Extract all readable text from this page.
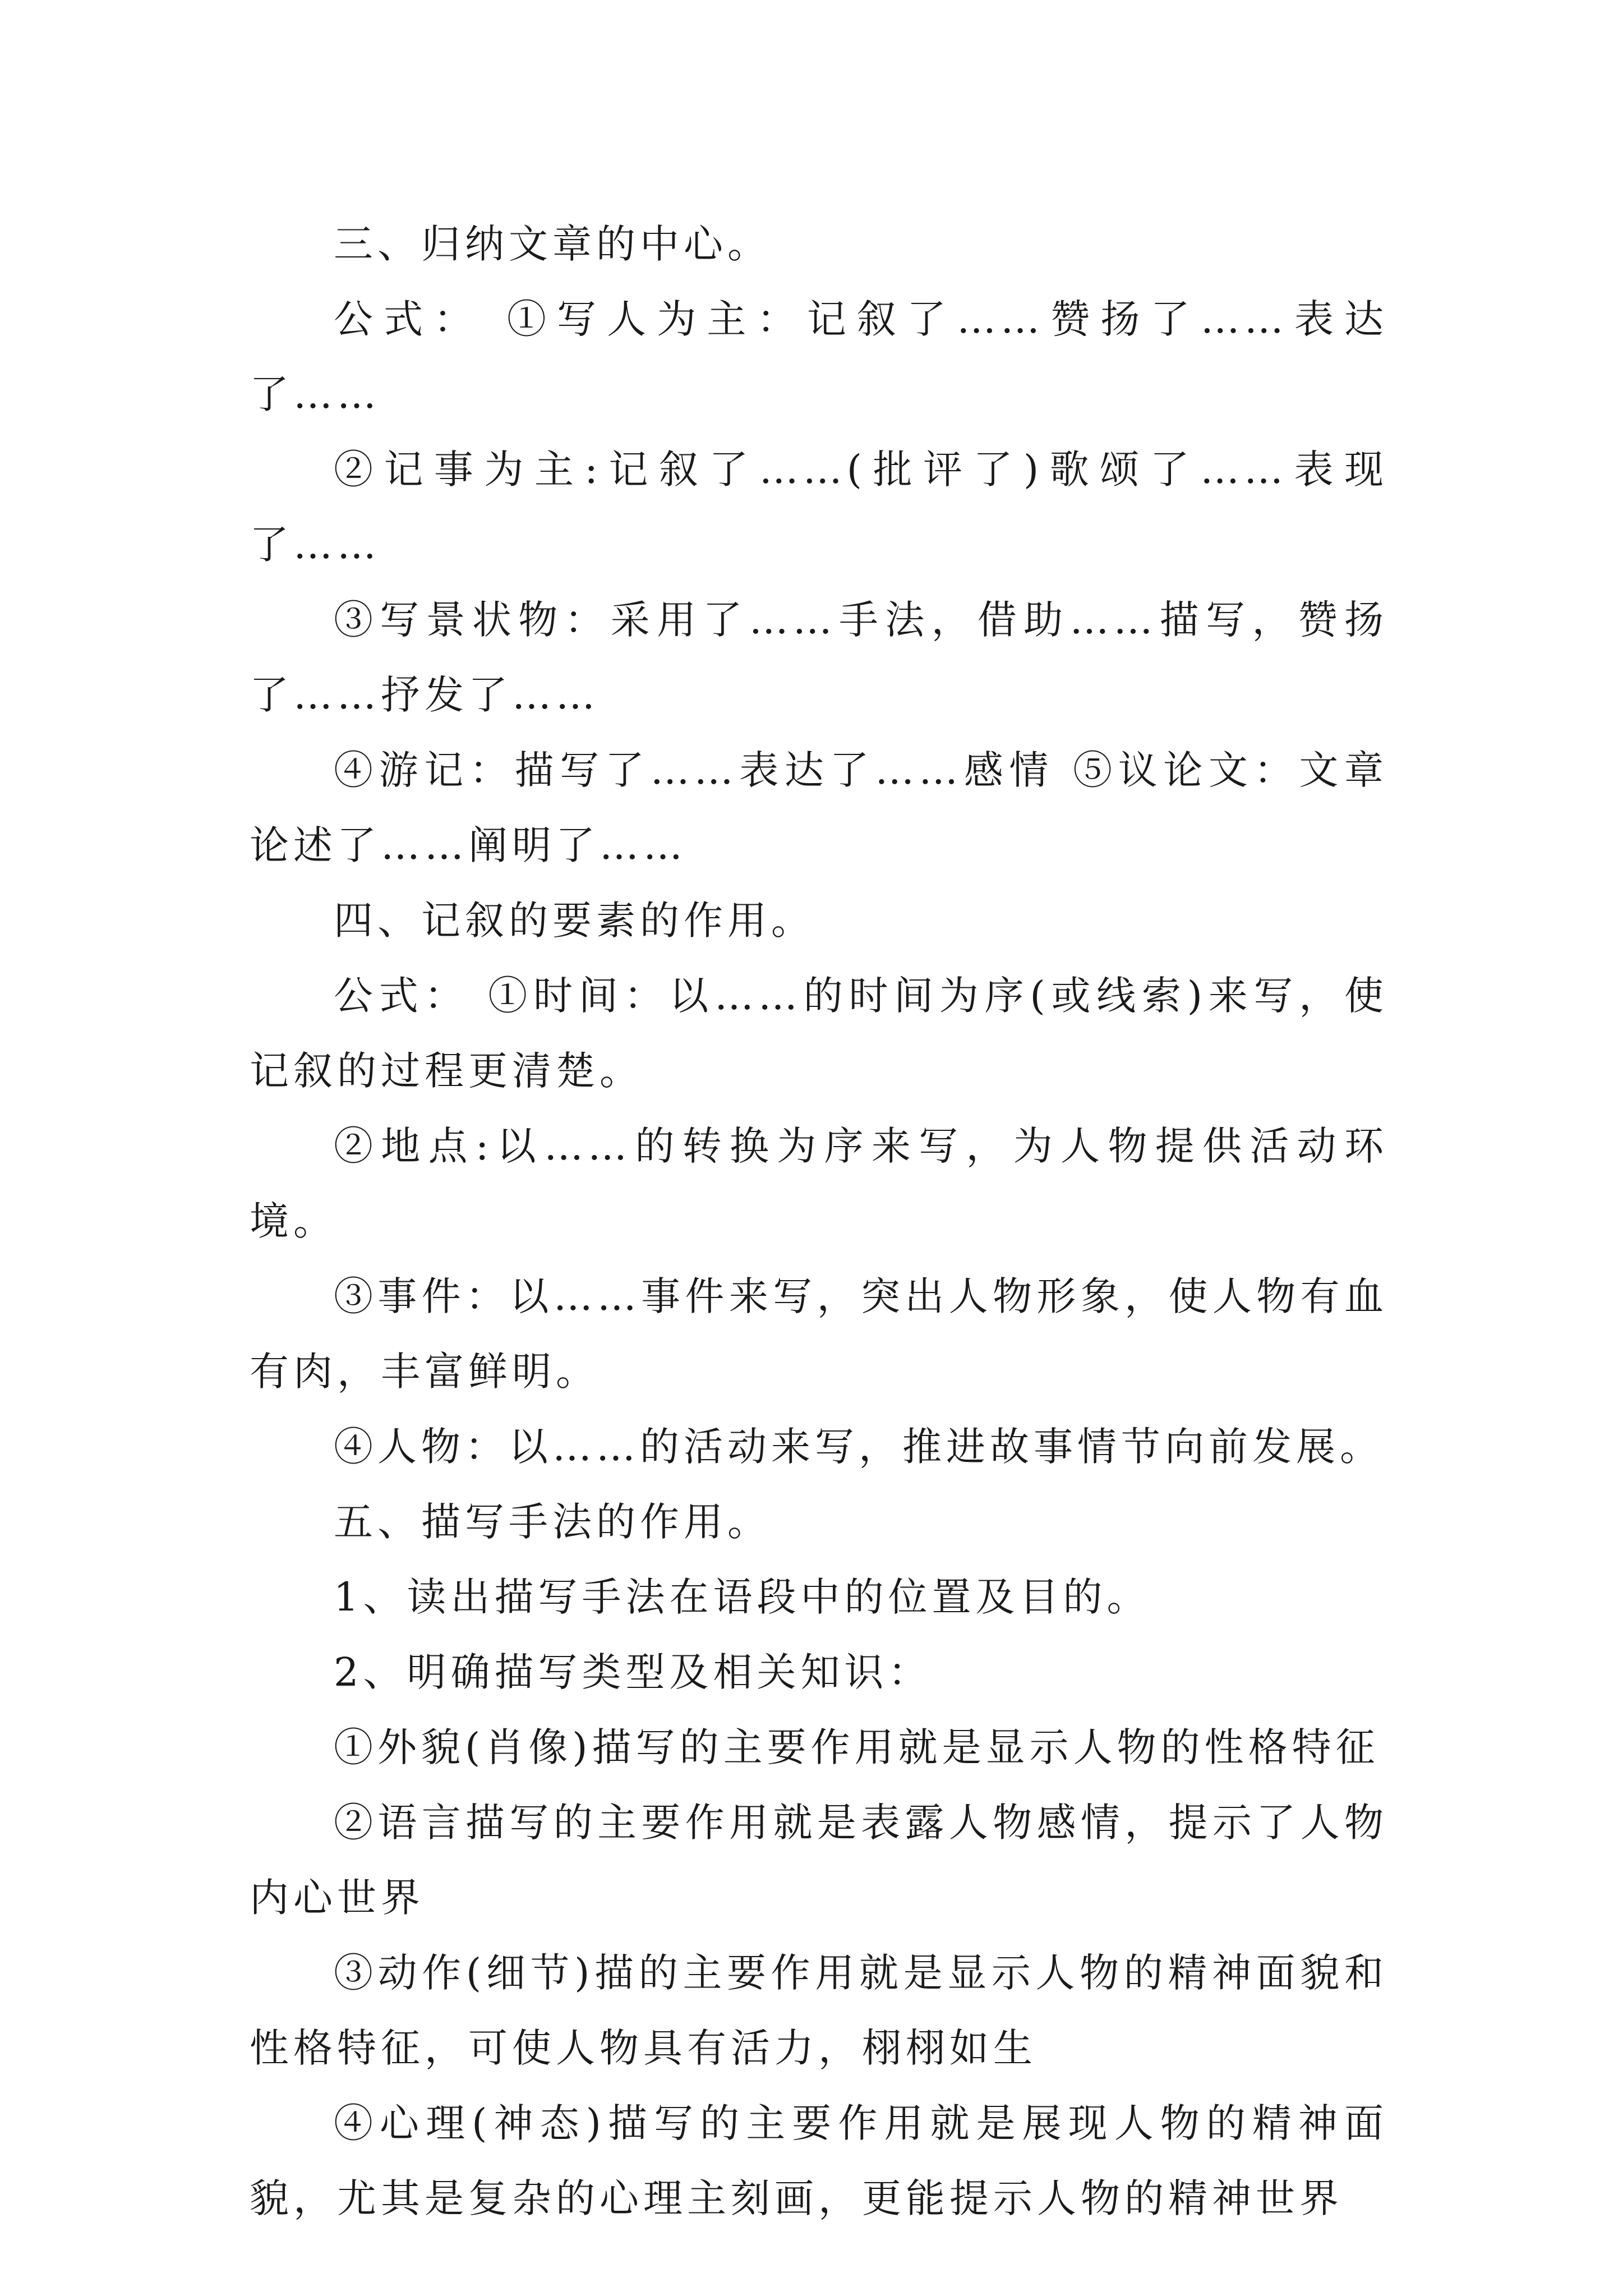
三、归纳文章的中心。

公式： ①写人为主：记叙了……赞扬了……表达了……

②记事为主:记叙了……(批评了)歌颂了……表现了……

③写景状物：采用了……手法，借助……描写，赞扬了……抒发了……

④游记：描写了……表达了……感情 ⑤议论文：文章论述了……阐明了……

四、记叙的要素的作用。

公式： ①时间：以……的时间为序(或线索)来写，使记叙的过程更清楚。

②地点:以……的转换为序来写，为人物提供活动环境。

③事件：以……事件来写，突出人物形象，使人物有血有肉，丰富鲜明。

④人物：以……的活动来写，推进故事情节向前发展。

五、描写手法的作用。

1、读出描写手法在语段中的位置及目的。

2、明确描写类型及相关知识：

①外貌(肖像)描写的主要作用就是显示人物的性格特征

②语言描写的主要作用就是表露人物感情，提示了人物内心世界

③动作(细节)描的主要作用就是显示人物的精神面貌和性格特征，可使人物具有活力，栩栩如生

④心理(神态)描写的主要作用就是展现人物的精神面貌，尤其是复杂的心理主刻画，更能提示人物的精神世界
